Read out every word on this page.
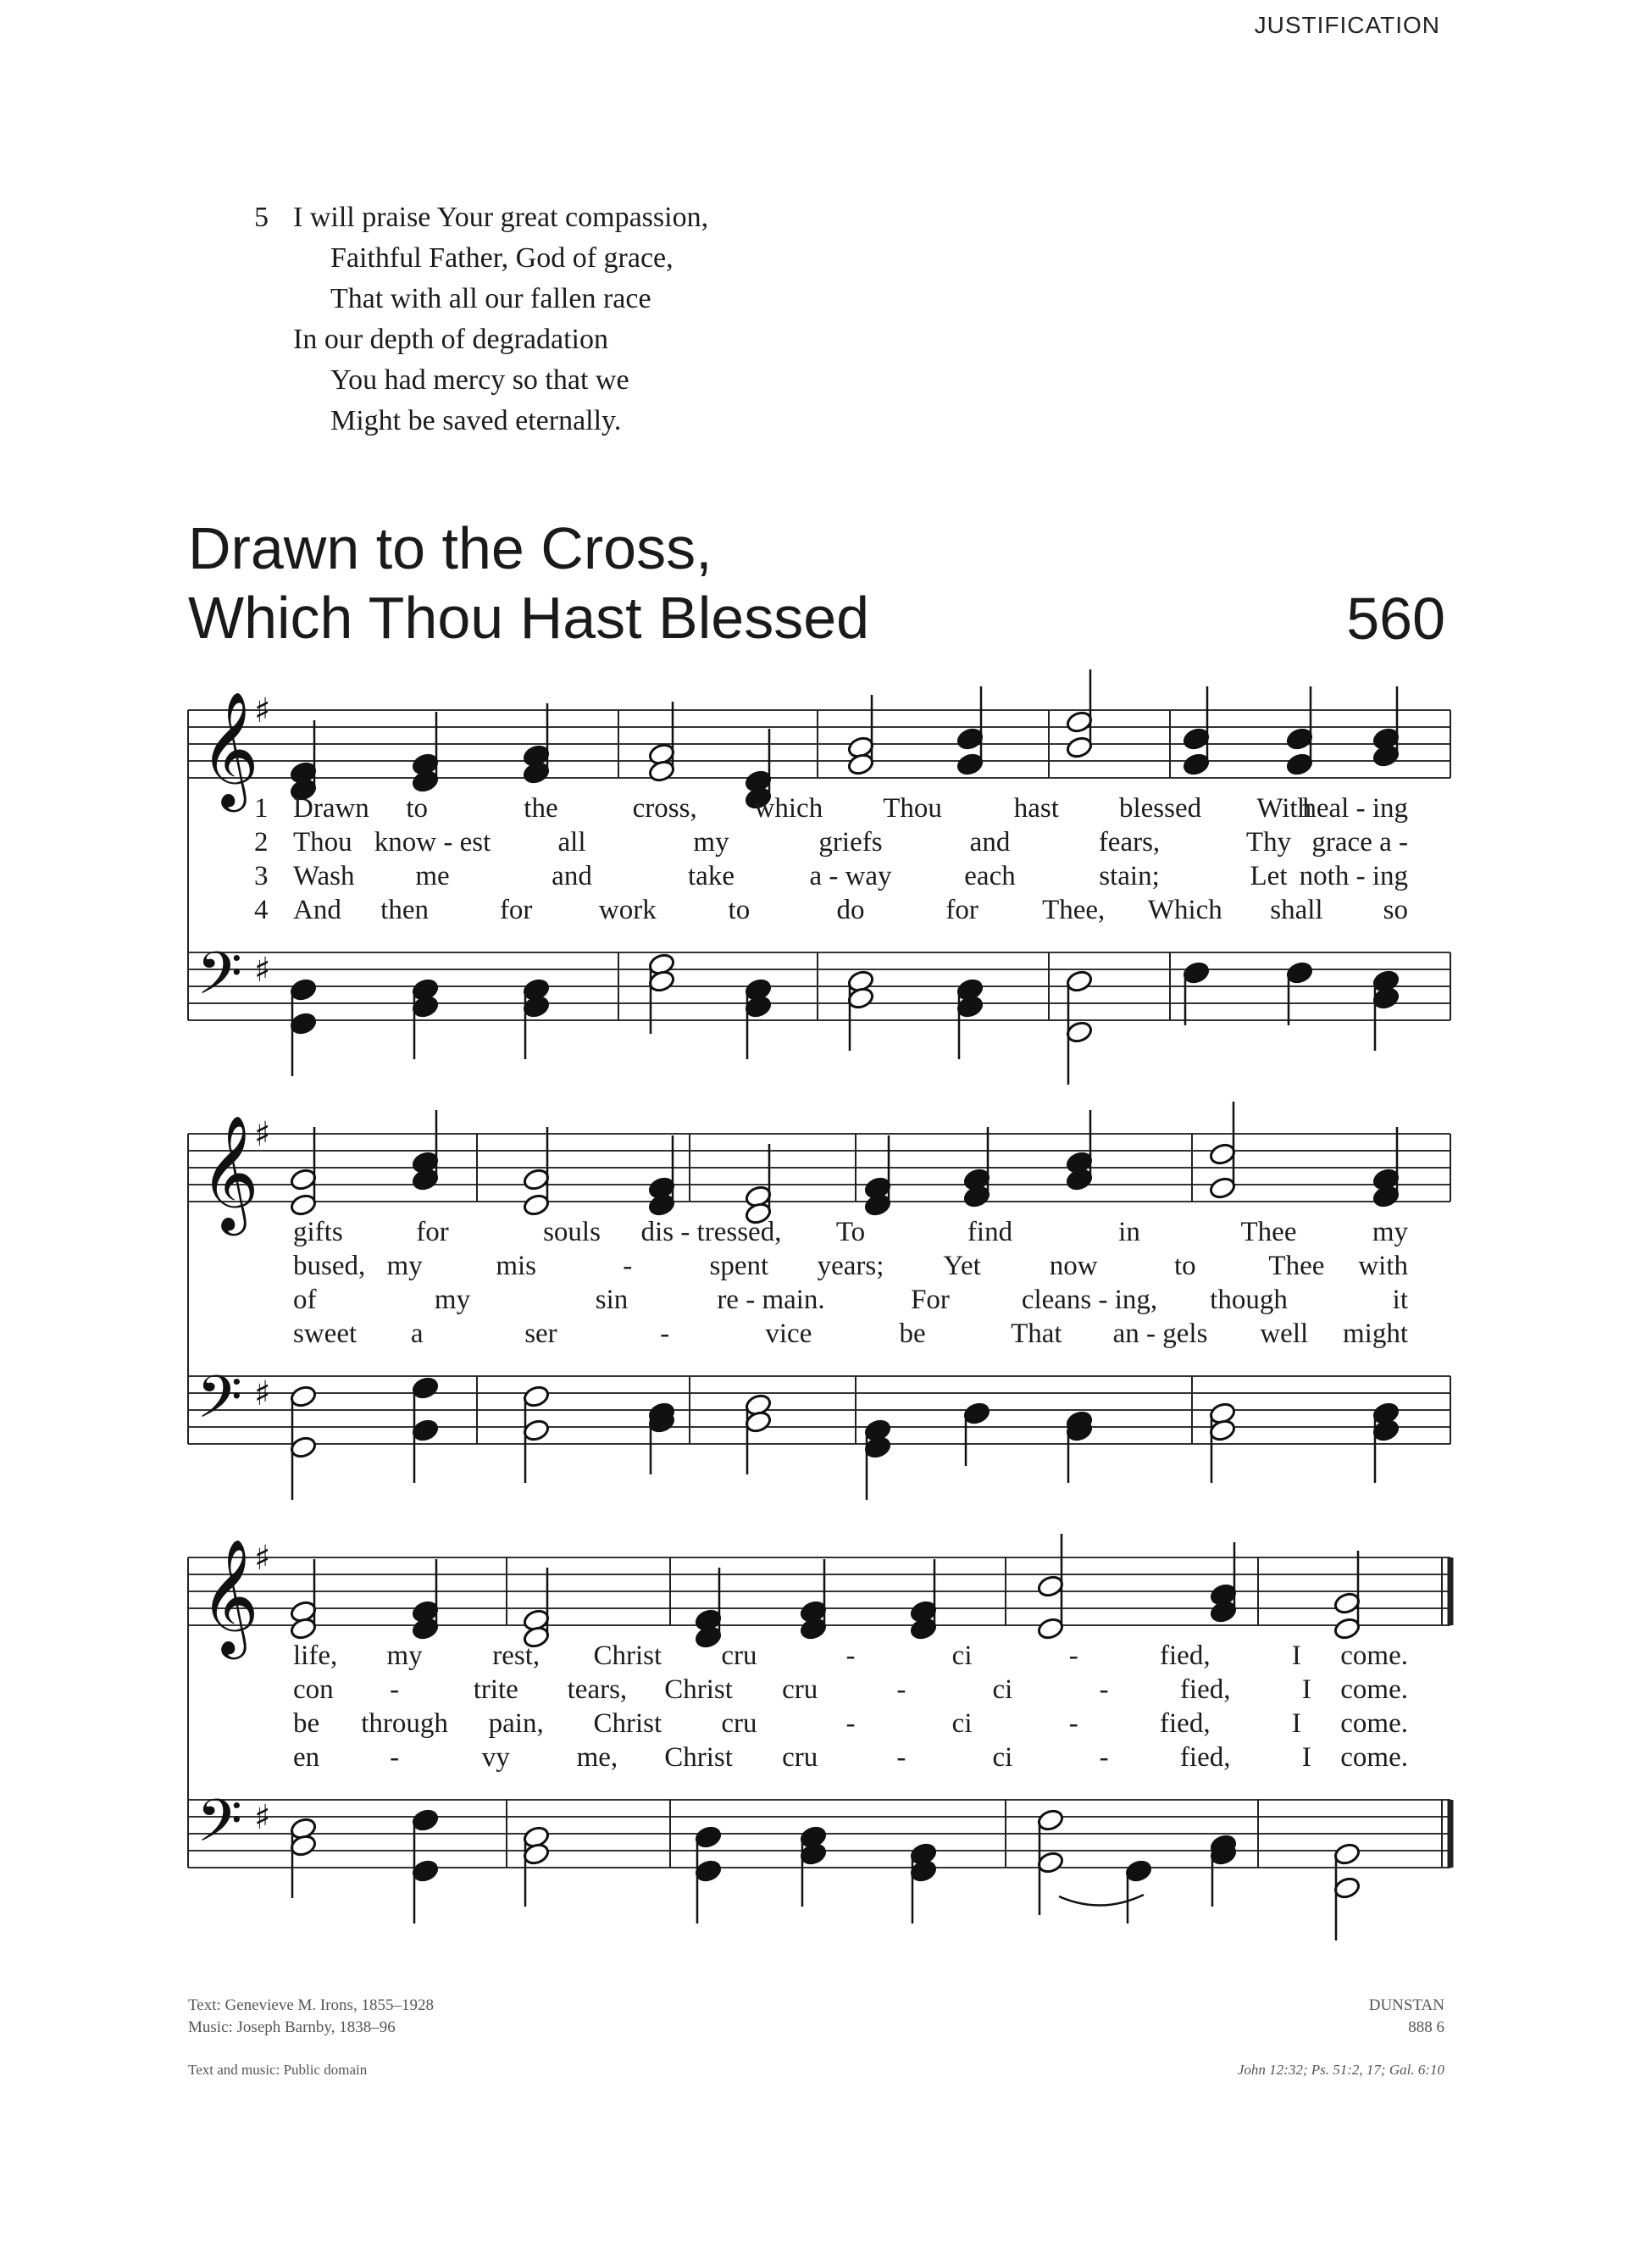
JUSTIFICATION
5 I will praise Your great compassion,
Faithful Father, God of grace,
That with all our fallen race
In our depth of degradation
You had mercy so that we
Might be saved eternally.
Drawn to the Cross,
Which Thou Hast Blessed	560
𝄞
𝄢
♯
♯
𝄞
𝄢
♯
♯
𝄞
𝄢
♯
♯
1 Drawn to	the	cross, which Thou	hast blessed With
heal - ing
2 Thou know - est all	my	griefs	and	fears,	Thy grace a -
3 Wash me	and	take	a - way	each	stain;	Let noth - ing
4 And then	for work	to	do	for Thee, Which shall so
gifts	for	souls dis - tressed, To	find	in	Thee	my
bused, my	mis	-	spent years; Yet now	to	Thee with
of	my	sin	re - main.	For	cleans - ing, though	it
sweet a	ser	-	vice	be	That an - gels well might
life, my	rest, Christ cru	-	ci	-	fied,	I come.
con -	trite tears, Christ cru	-	ci	-	fied,	I come.
be through pain, Christ cru	-	ci	-	fied,	I come.
en	-	vy me, Christ cru	-	ci	-	fied,	I come.
Text: Genevieve M. Irons, 1855–1928
Music: Joseph Barnby, 1838–96
DUNSTAN
888 6
Text and music: Public domain	John 12:32; Ps. 51:2, 17; Gal. 6:10
